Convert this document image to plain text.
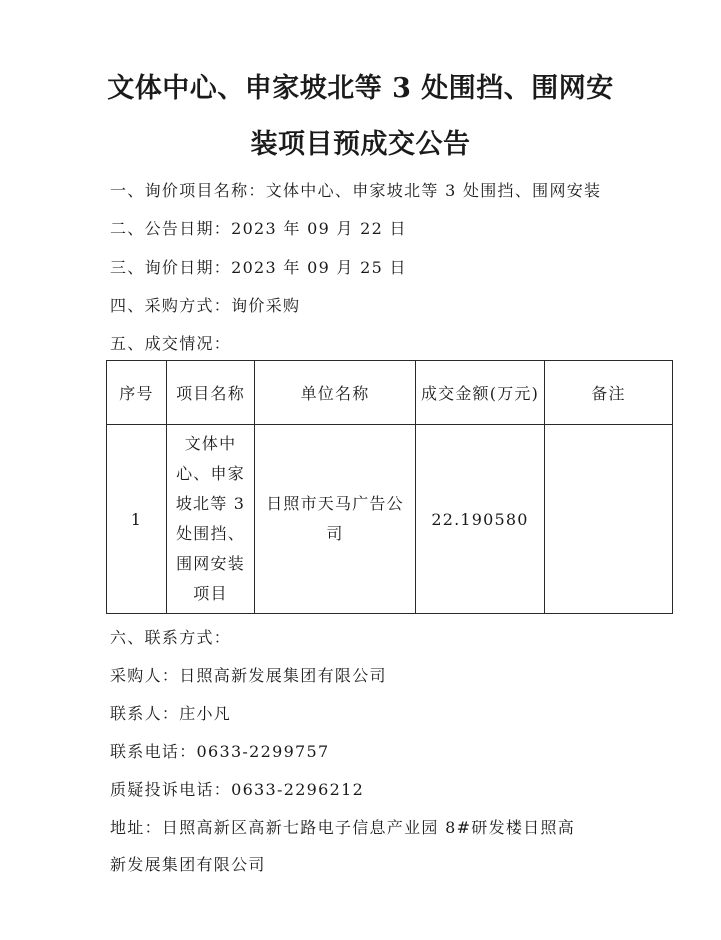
文体中心、申家坡北等 3 处围挡、围网安
装项目预成交公告

一、询价项目名称：文体中心、申家坡北等 3 处围挡、围网安装

二、公告日期：2023 年 09 月 22 日

三、询价日期：2023 年 09 月 25 日

四、采购方式：询价采购

五、成交情况：

序号	项目名称	单位名称	成交金额(万元)	备注
1	文体中心、申家坡北等 3 处围挡、围网安装项目	日照市天马广告公司	22.190580	

六、联系方式：

采购人：日照高新发展集团有限公司

联系人：庄小凡

联系电话：0633-2299757

质疑投诉电话：0633-2296212

地址：日照高新区高新七路电子信息产业园 8#研发楼日照高

新发展集团有限公司
